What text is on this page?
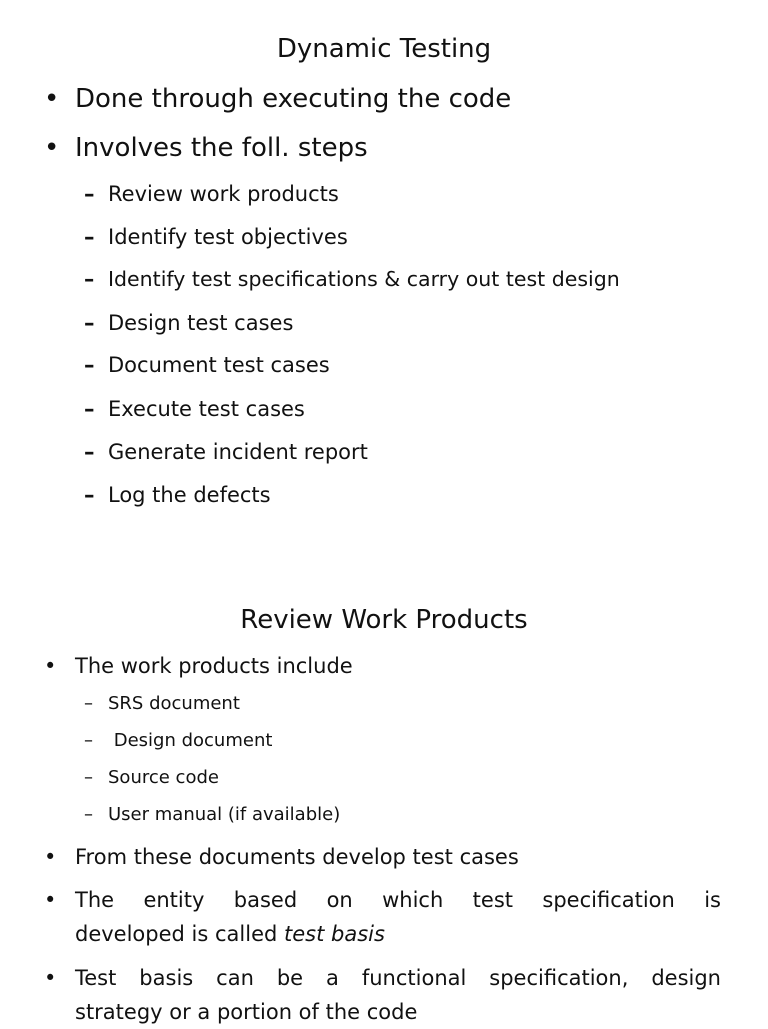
Dynamic Testing
• Done through executing the code
• Involves the foll. steps
– Review work products
– Identify test objectives
– Identify test specifications & carry out test design
– Design test cases
– Document test cases
– Execute test cases
– Generate incident report
– Log the defects
Review Work Products
• The work products include
– SRS document
– Design document
– Source code
– User manual (if available)
• From these documents develop test cases
• The entity based on which test specification is
developed is called test basis
• Test basis can be a functional specification, design
strategy or a portion of the code
